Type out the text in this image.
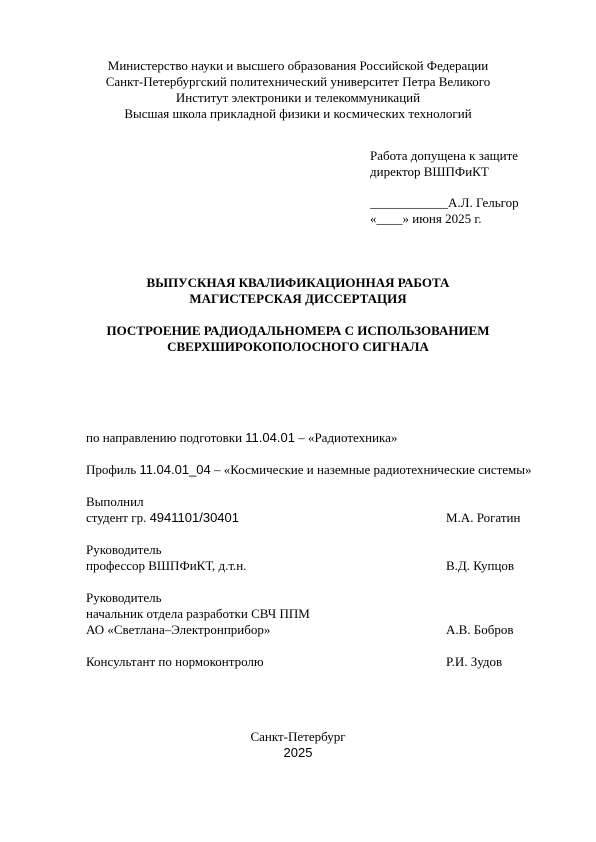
Министерство науки и высшего образования Российской Федерации
Санкт-Петербургский политехнический университет Петра Великого
Институт электроники и телекоммуникаций
Высшая школа прикладной физики и космических технологий
Работа допущена к защите
директор ВШПФиКТ
____________А.Л. Гельгор
«____» июня 2025 г.
ВЫПУСКНАЯ КВАЛИФИКАЦИОННАЯ РАБОТА
МАГИСТЕРСКАЯ ДИССЕРТАЦИЯ
ПОСТРОЕНИЕ РАДИОДАЛЬНОМЕРА С ИСПОЛЬЗОВАНИЕМ
СВЕРХШИРОКОПОЛОСНОГО СИГНАЛА
по направлению подготовки 11.04.01 – «Радиотехника»
Профиль 11.04.01_04 – «Космические и наземные радиотехнические системы»
Выполнил
студент гр. 4941101/30401	М.А. Рогатин
Руководитель
профессор ВШПФиКТ, д.т.н.	В.Д. Купцов
Руководитель
начальник отдела разработки СВЧ ППМ
АО «Светлана–Электронприбор»	А.В. Бобров
Консультант по нормоконтролю	Р.И. Зудов
Санкт-Петербург
2025
